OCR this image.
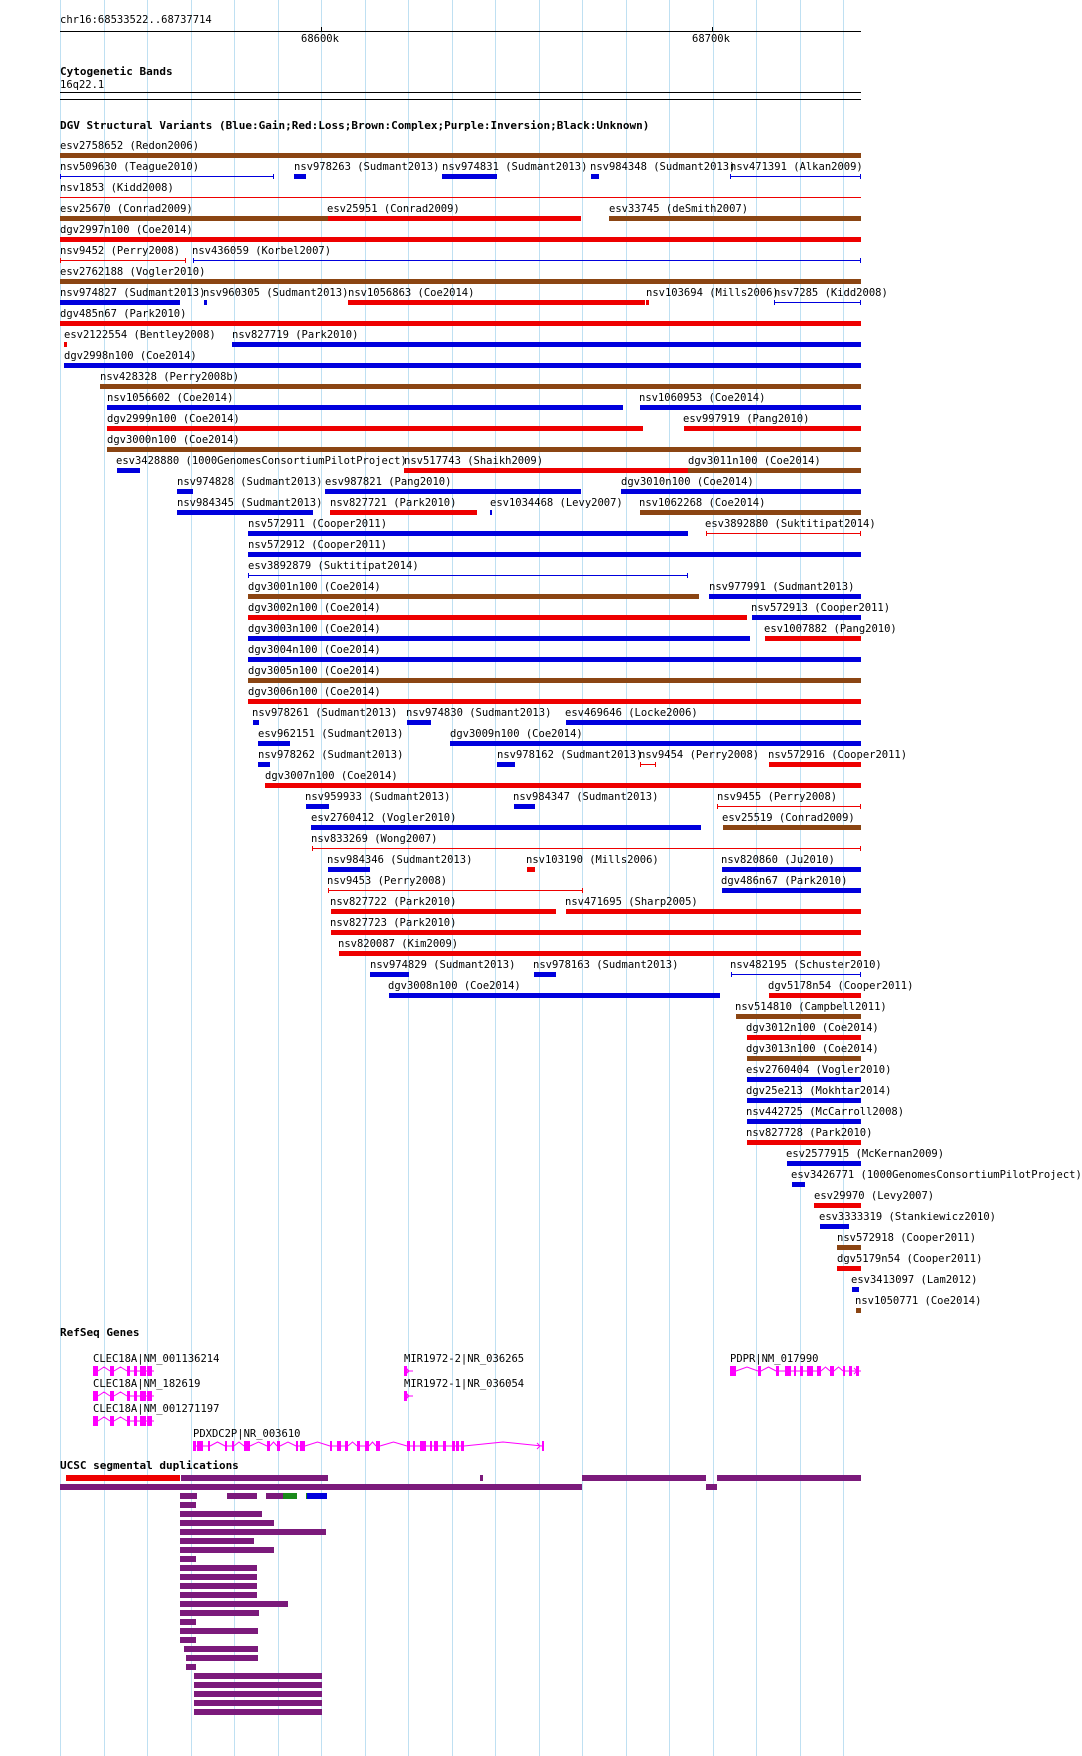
chr16:68533522..68737714
68600k	68700k
Cytogenetic Bands
16q22.1
DGV Structural Variants (Blue:Gain;Red:Loss;Brown:Complex;Purple:Inversion;Black:Unknown)
esv2758652 (Redon2006)
nsv509630 (Teague2010)	nsv978263 (Sudmant2013) nsv974831 (Sudmant2013) nsv984348 (Sudmant2013)
nsv471391 (Alkan2009)
nsv1853 (Kidd2008)
esv25670 (Conrad2009)	esv25951 (Conrad2009)	esv33745 (deSmith2007)
dgv2997n100 (Coe2014)
nsv9452 (Perry2008) nsv436059 (Korbel2007)
esv2762188 (Vogler2010)
nsv974827 (Sudmant2013)
nsv960305 (Sudmant2013) nsv1056863 (Coe2014)	nsv103694 (Mills2006)
nsv7285 (Kidd2008)
dgv485n67 (Park2010)
esv2122554 (Bentley2008) nsv827719 (Park2010)
dgv2998n100 (Coe2014)
nsv428328 (Perry2008b)
nsv1056602 (Coe2014)	nsv1060953 (Coe2014)
dgv2999n100 (Coe2014)	esv997919 (Pang2010)
dgv3000n100 (Coe2014)
esv3428880 (1000GenomesConsortiumPilotProject)
nsv517743 (Shaikh2009)	dgv3011n100 (Coe2014)
nsv974828 (Sudmant2013) esv987821 (Pang2010)	dgv3010n100 (Coe2014)
nsv984345 (Sudmant2013) nsv827721 (Park2010)	esv1034468 (Levy2007) nsv1062268 (Coe2014)
nsv572911 (Cooper2011)	esv3892880 (Suktitipat2014)
nsv572912 (Cooper2011)
esv3892879 (Suktitipat2014)
dgv3001n100 (Coe2014)	nsv977991 (Sudmant2013)
dgv3002n100 (Coe2014)	nsv572913 (Cooper2011)
dgv3003n100 (Coe2014)	esv1007882 (Pang2010)
dgv3004n100 (Coe2014)
dgv3005n100 (Coe2014)
dgv3006n100 (Coe2014)
nsv978261 (Sudmant2013) nsv974830 (Sudmant2013) esv469646 (Locke2006)
esv962151 (Sudmant2013)	dgv3009n100 (Coe2014)
nsv978262 (Sudmant2013)	nsv978162 (Sudmant2013)
nsv9454 (Perry2008) nsv572916 (Cooper2011)
dgv3007n100 (Coe2014)
nsv959933 (Sudmant2013)	nsv984347 (Sudmant2013)	nsv9455 (Perry2008)
esv2760412 (Vogler2010)	esv25519 (Conrad2009)
nsv833269 (Wong2007)
nsv984346 (Sudmant2013)	nsv103190 (Mills2006)	nsv820860 (Ju2010)
nsv9453 (Perry2008)	dgv486n67 (Park2010)
nsv827722 (Park2010)	nsv471695 (Sharp2005)
nsv827723 (Park2010)
nsv820087 (Kim2009)
nsv974829 (Sudmant2013) nsv978163 (Sudmant2013)	nsv482195 (Schuster2010)
dgv3008n100 (Coe2014)	dgv5178n54 (Cooper2011)
nsv514810 (Campbell2011)
dgv3012n100 (Coe2014)
dgv3013n100 (Coe2014)
esv2760404 (Vogler2010)
dgv25e213 (Mokhtar2014)
nsv442725 (McCarroll2008)
nsv827728 (Park2010)
esv2577915 (McKernan2009)
esv3426771 (1000GenomesConsortiumPilotProject)
esv29970 (Levy2007)
esv3333319 (Stankiewicz2010)
nsv572918 (Cooper2011)
dgv5179n54 (Cooper2011)
esv3413097 (Lam2012)
nsv1050771 (Coe2014)
RefSeq Genes
CLEC18A|NM_001136214	MIR1972-2|NR_036265	PDPR|NM_017990
CLEC18A|NM_182619	MIR1972-1|NR_036054
CLEC18A|NM_001271197
PDXDC2P|NR_003610
UCSC segmental duplications
